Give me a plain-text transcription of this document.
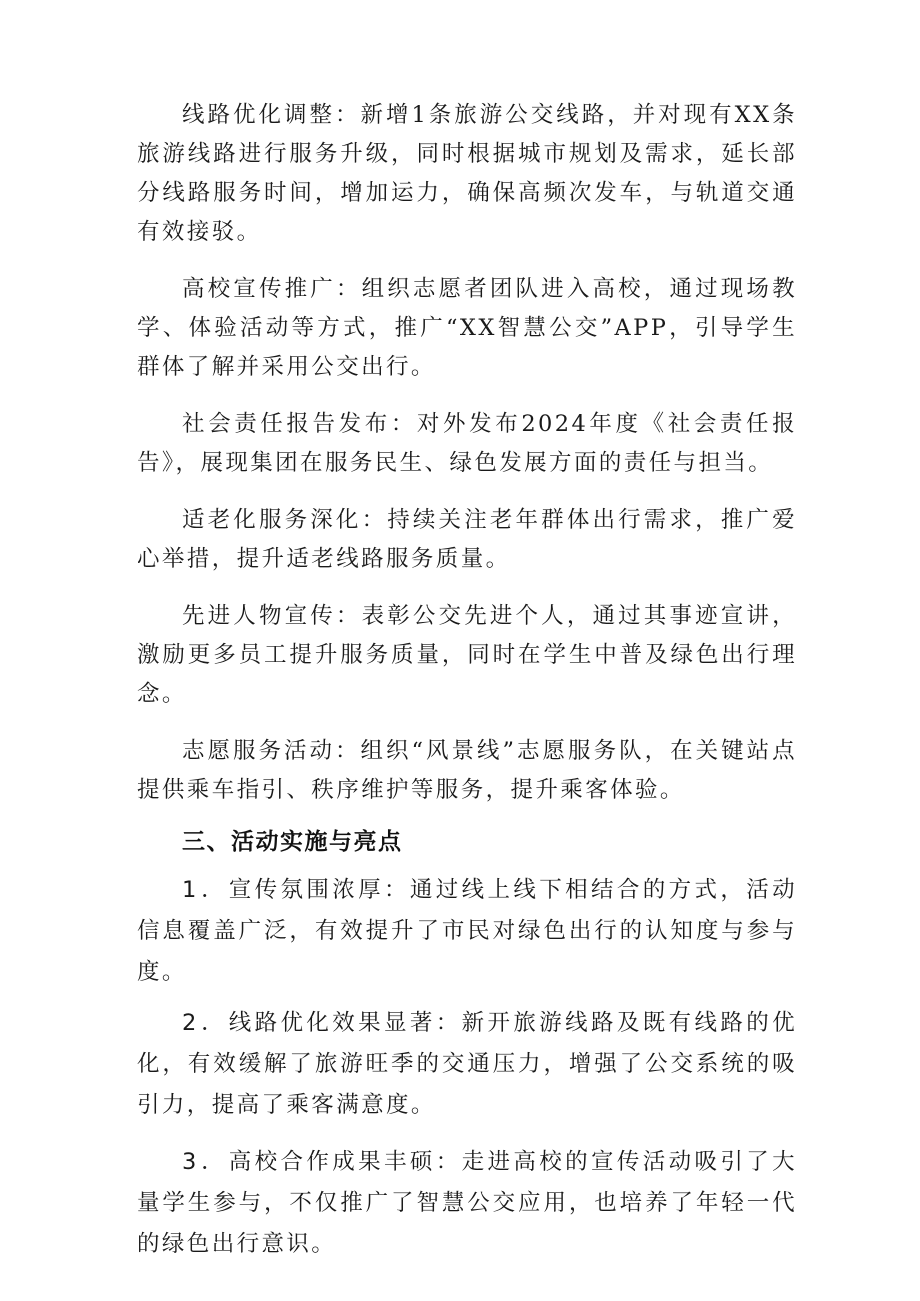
线路优化调整：新增1条旅游公交线路，并对现有XX条旅游线路进行服务升级，同时根据城市规划及需求，延长部分线路服务时间，增加运力，确保高频次发车，与轨道交通有效接驳。

高校宣传推广：组织志愿者团队进入高校，通过现场教学、体验活动等方式，推广“XX智慧公交”APP，引导学生群体了解并采用公交出行。

社会责任报告发布：对外发布2024年度《社会责任报告》，展现集团在服务民生、绿色发展方面的责任与担当。

适老化服务深化：持续关注老年群体出行需求，推广爱心举措，提升适老线路服务质量。

先进人物宣传：表彰公交先进个人，通过其事迹宣讲，激励更多员工提升服务质量，同时在学生中普及绿色出行理念。

志愿服务活动：组织“风景线”志愿服务队，在关键站点提供乘车指引、秩序维护等服务，提升乘客体验。

三、活动实施与亮点

1．宣传氛围浓厚：通过线上线下相结合的方式，活动信息覆盖广泛，有效提升了市民对绿色出行的认知度与参与度。

2．线路优化效果显著：新开旅游线路及既有线路的优化，有效缓解了旅游旺季的交通压力，增强了公交系统的吸引力，提高了乘客满意度。

3．高校合作成果丰硕：走进高校的宣传活动吸引了大量学生参与，不仅推广了智慧公交应用，也培养了年轻一代的绿色出行意识。
